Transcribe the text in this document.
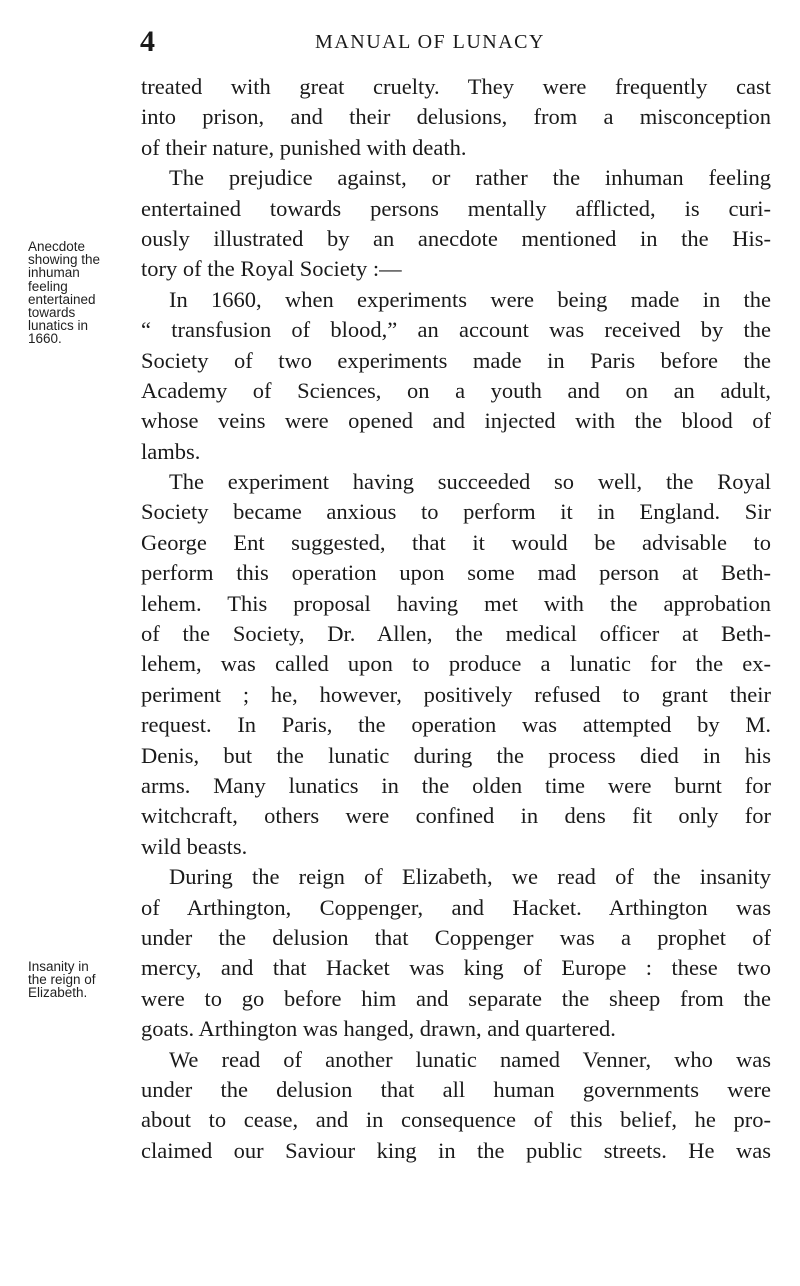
4	MANUAL OF LUNACY
Anecdote
showing the
inhuman
feeling
entertained
towards
lunatics in
1660.
Insanity in
the reign of
Elizabeth.
treated with great cruelty. They were frequently cast
into prison, and their delusions, from a misconception
of their nature, punished with death.
The prejudice against, or rather the inhuman feeling
entertained towards persons mentally afflicted, is curi-
ously illustrated by an anecdote mentioned in the His-
tory of the Royal Society :—
In 1660, when experiments were being made in the
“ transfusion of blood,” an account was received by the
Society of two experiments made in Paris before the
Academy of Sciences, on a youth and on an adult,
whose veins were opened and injected with the blood of
lambs.
The experiment having succeeded so well, the Royal
Society became anxious to perform it in England. Sir
George Ent suggested, that it would be advisable to
perform this operation upon some mad person at Beth-
lehem. This proposal having met with the approbation
of the Society, Dr. Allen, the medical officer at Beth-
lehem, was called upon to produce a lunatic for the ex-
periment ; he, however, positively refused to grant their
request. In Paris, the operation was attempted by M.
Denis, but the lunatic during the process died in his
arms. Many lunatics in the olden time were burnt for
witchcraft, others were confined in dens fit only for
wild beasts.
During the reign of Elizabeth, we read of the insanity
of Arthington, Coppenger, and Hacket. Arthington was
under the delusion that Coppenger was a prophet of
mercy, and that Hacket was king of Europe : these two
were to go before him and separate the sheep from the
goats. Arthington was hanged, drawn, and quartered.
We read of another lunatic named Venner, who was
under the delusion that all human governments were
about to cease, and in consequence of this belief, he pro-
claimed our Saviour king in the public streets. He was
